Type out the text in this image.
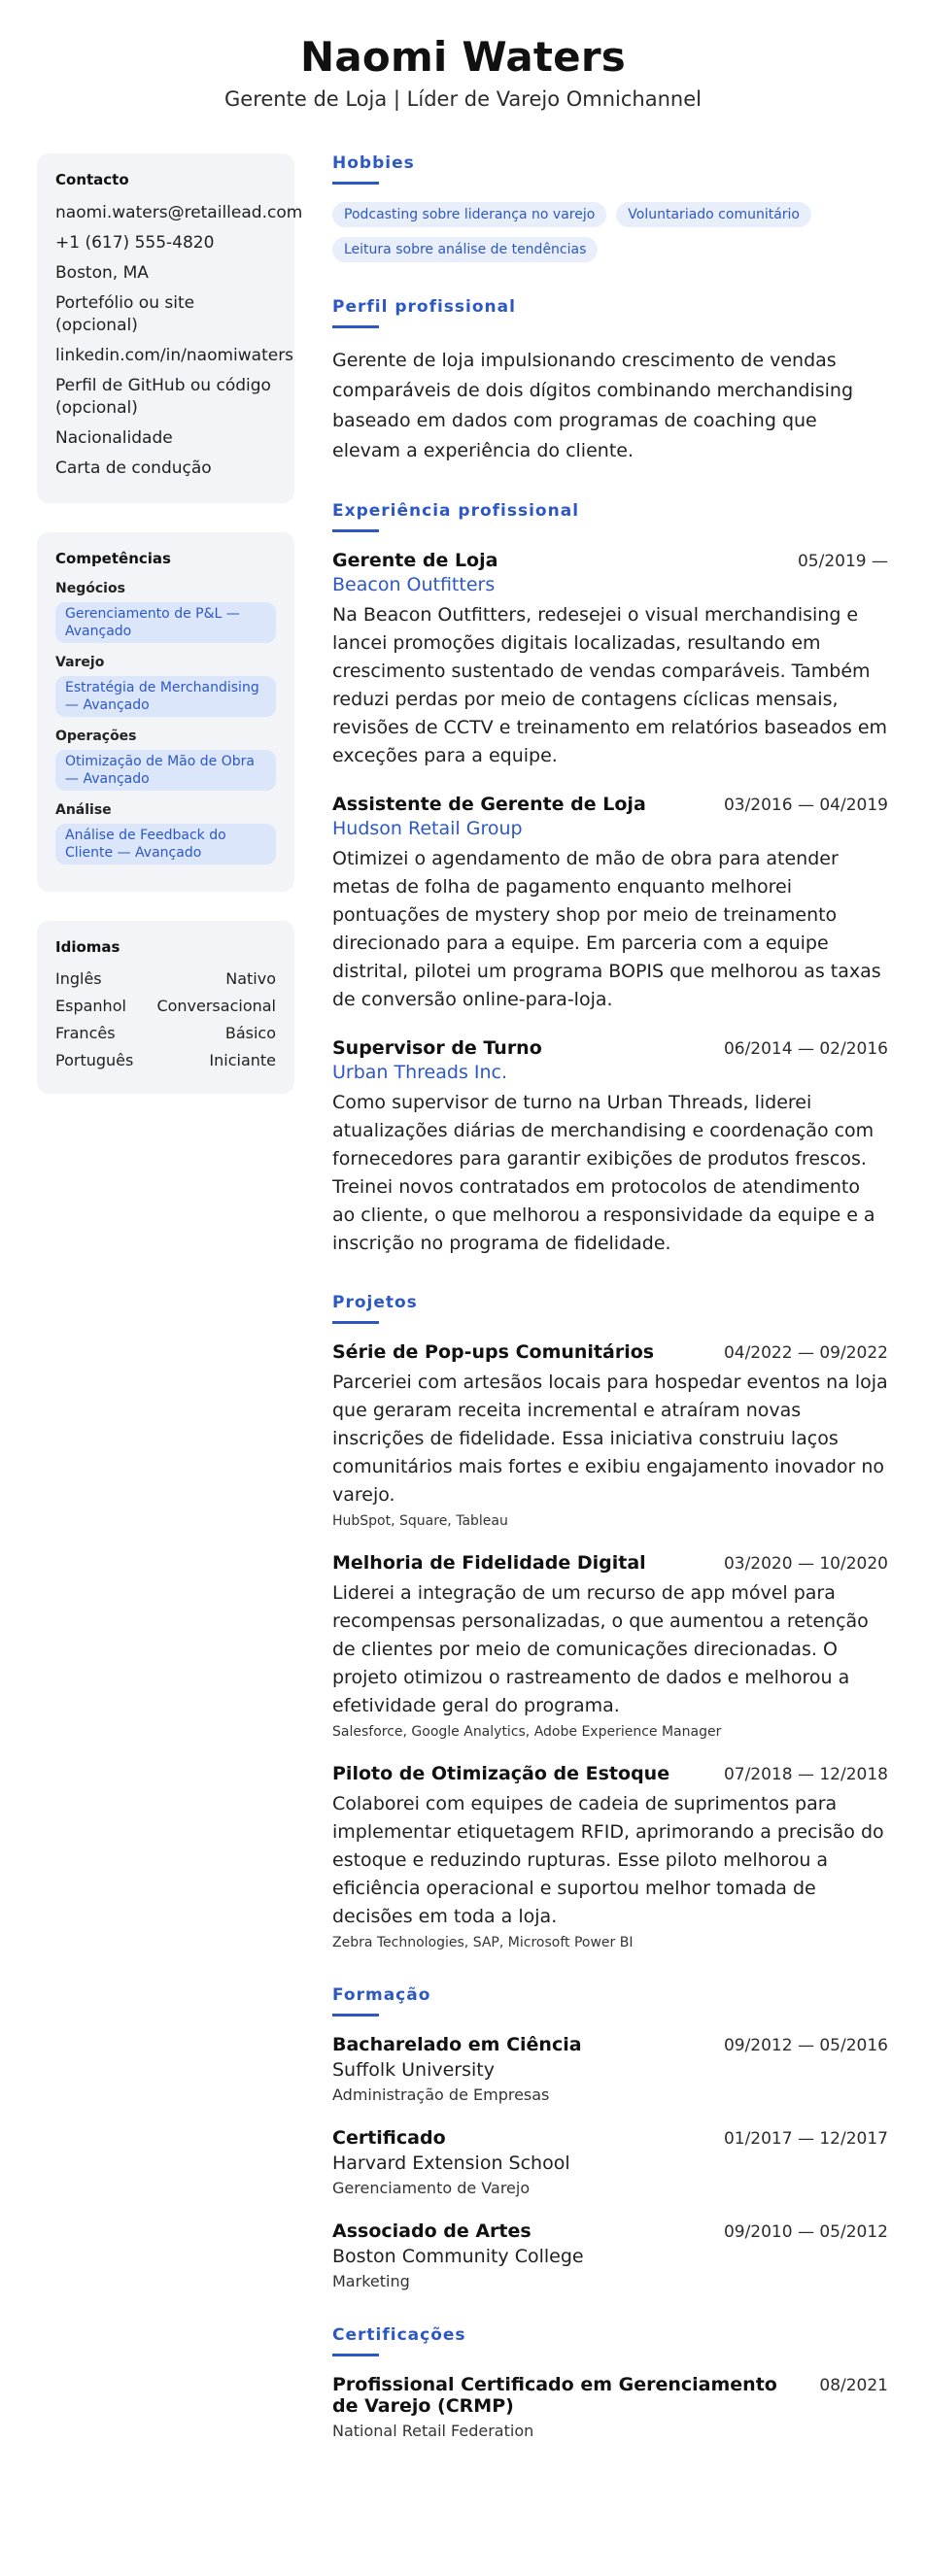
Naomi Waters
Gerente de Loja | Líder de Varejo Omnichannel
Contacto
naomi.waters@retaillead.com
+1 (617) 555-4820
Boston, MA
Portefólio ou site (opcional)
linkedin.com/in/naomiwaters
Perfil de GitHub ou código (opcional)
Nacionalidade
Carta de condução
Competências
Negócios
Gerenciamento de P&L — Avançado
Varejo
Estratégia de Merchandising — Avançado
Operações
Otimização de Mão de Obra — Avançado
Análise
Análise de Feedback do Cliente — Avançado
Idiomas
Inglês	Nativo
Espanhol Conversacional
Francês	Básico
Português	Iniciante
Hobbies
Podcasting sobre liderança no varejo	Voluntariado comunitário
Leitura sobre análise de tendências
Perfil profissional
Gerente de loja impulsionando crescimento de vendas comparáveis de dois dígitos combinando merchandising baseado em dados com programas de coaching que elevam a experiência do cliente.
Experiência profissional
Gerente de Loja	05/2019 —
Beacon Outfitters
Na Beacon Outfitters, redesejei o visual merchandising e lancei promoções digitais localizadas, resultando em crescimento sustentado de vendas comparáveis. Também reduzi perdas por meio de contagens cíclicas mensais, revisões de CCTV e treinamento em relatórios baseados em exceções para a equipe.
Assistente de Gerente de Loja	03/2016 — 04/2019
Hudson Retail Group
Otimizei o agendamento de mão de obra para atender metas de folha de pagamento enquanto melhorei pontuações de mystery shop por meio de treinamento direcionado para a equipe. Em parceria com a equipe distrital, pilotei um programa BOPIS que melhorou as taxas de conversão online-para-loja.
Supervisor de Turno	06/2014 — 02/2016
Urban Threads Inc.
Como supervisor de turno na Urban Threads, liderei atualizações diárias de merchandising e coordenação com fornecedores para garantir exibições de produtos frescos. Treinei novos contratados em protocolos de atendimento ao cliente, o que melhorou a responsividade da equipe e a inscrição no programa de fidelidade.
Projetos
Série de Pop-ups Comunitários	04/2022 — 09/2022
Parceriei com artesãos locais para hospedar eventos na loja que geraram receita incremental e atraíram novas inscrições de fidelidade. Essa iniciativa construiu laços comunitários mais fortes e exibiu engajamento inovador no varejo.
HubSpot, Square, Tableau
Melhoria de Fidelidade Digital	03/2020 — 10/2020
Liderei a integração de um recurso de app móvel para recompensas personalizadas, o que aumentou a retenção de clientes por meio de comunicações direcionadas. O projeto otimizou o rastreamento de dados e melhorou a efetividade geral do programa.
Salesforce, Google Analytics, Adobe Experience Manager
Piloto de Otimização de Estoque	07/2018 — 12/2018
Colaborei com equipes de cadeia de suprimentos para implementar etiquetagem RFID, aprimorando a precisão do estoque e reduzindo rupturas. Esse piloto melhorou a eficiência operacional e suportou melhor tomada de decisões em toda a loja.
Zebra Technologies, SAP, Microsoft Power BI
Formação
Bacharelado em Ciência	09/2012 — 05/2016
Suffolk University
Administração de Empresas
Certificado	01/2017 — 12/2017
Harvard Extension School
Gerenciamento de Varejo
Associado de Artes	09/2010 — 05/2012
Boston Community College
Marketing
Certificações
Profissional Certificado em Gerenciamento de Varejo (CRMP)
08/2021
National Retail Federation
